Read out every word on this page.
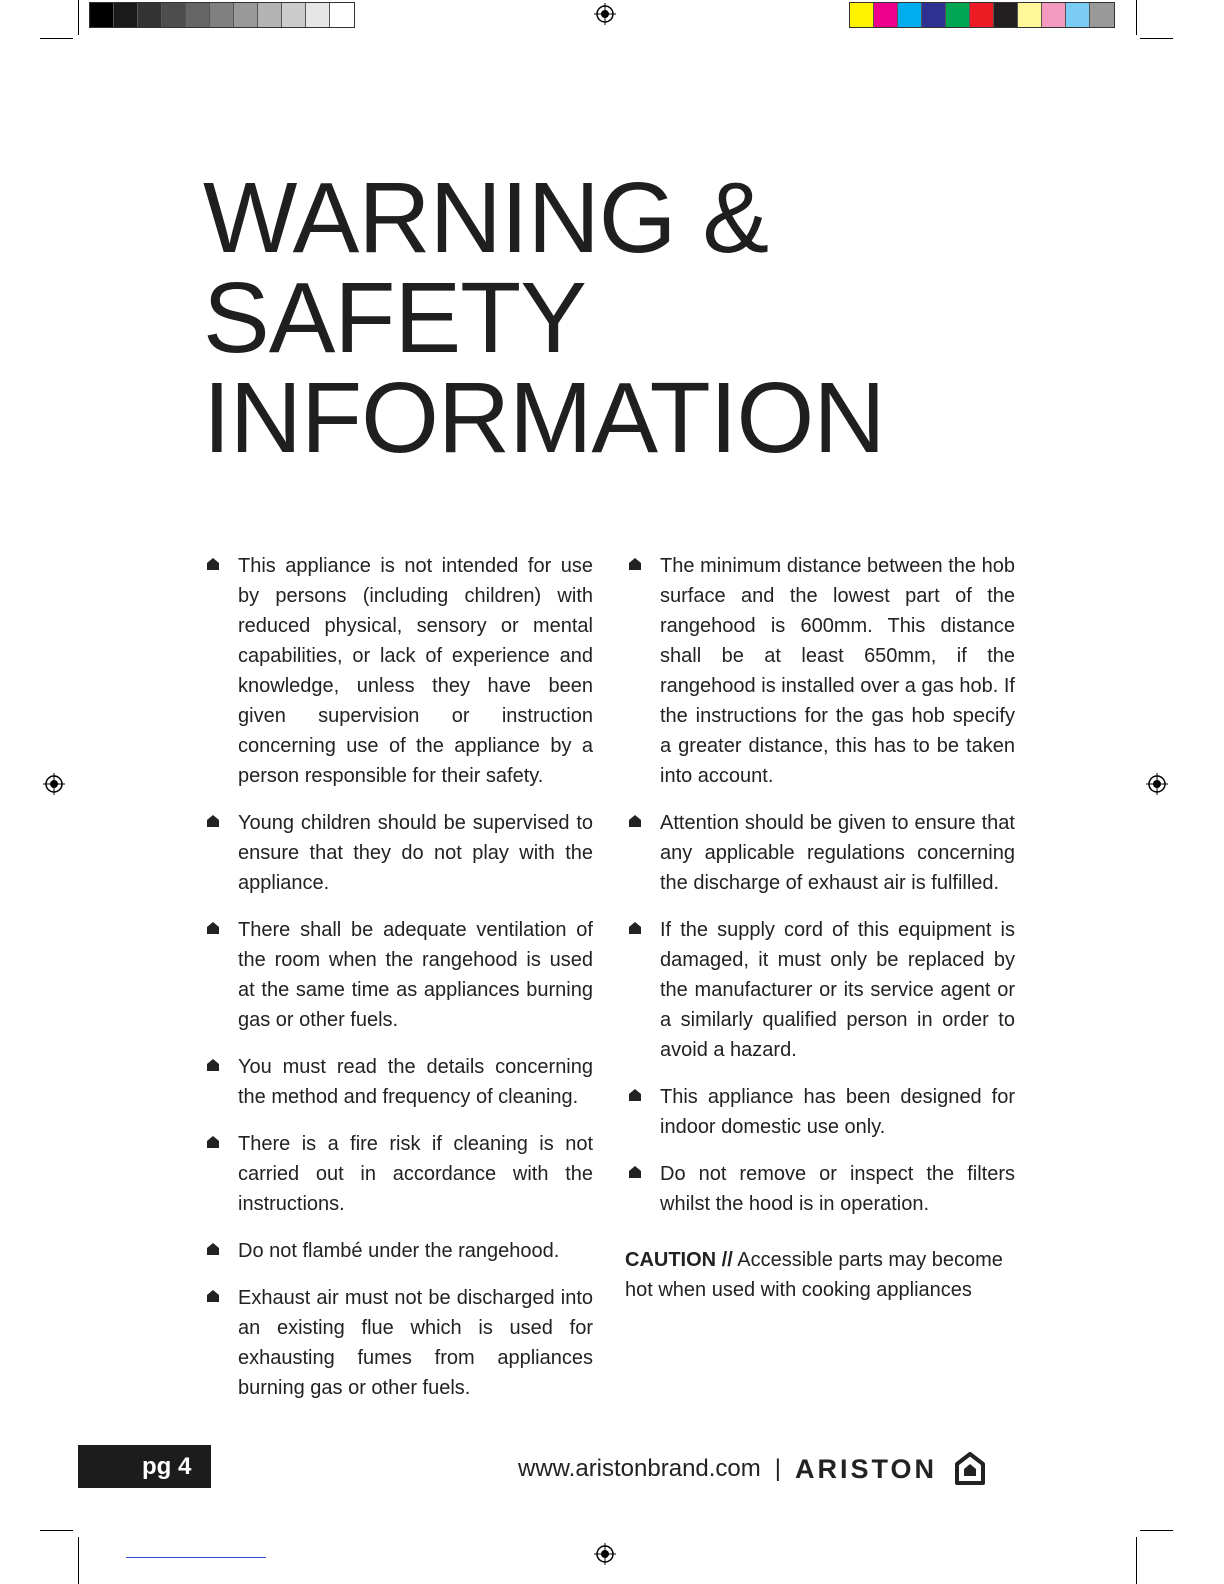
WARNING &
SAFETY
INFORMATION

This appliance is not intended for use by persons (including children) with reduced physical, sensory or mental capabilities, or lack of experience and knowledge, unless they have been given supervision or instruction concerning use of the appliance by a person responsible for their safety.

Young children should be supervised to ensure that they do not play with the appliance.

There shall be adequate ventilation of the room when the rangehood is used at the same time as appliances burning gas or other fuels.

You must read the details concerning the method and frequency of cleaning.

There is a fire risk if cleaning is not carried out in accordance with the instructions.

Do not flambé under the rangehood.

Exhaust air must not be discharged into an existing flue which is used for exhausting fumes from appliances burning gas or other fuels.

The minimum distance between the hob surface and the lowest part of the rangehood is 600mm. This distance shall be at least 650mm, if the rangehood is installed over a gas hob. If the instructions for the gas hob specify a greater distance, this has to be taken into account.

Attention should be given to ensure that any applicable regulations concerning the discharge of exhaust air is fulfilled.

If the supply cord of this equipment is damaged, it must only be replaced by the manufacturer or its service agent or a similarly qualified person in order to avoid a hazard.

This appliance has been designed for indoor domestic use only.

Do not remove or inspect the filters whilst the hood is in operation.

CAUTION // Accessible parts may become hot when used with cooking appliances
pg 4	www.aristonbrand.com | ARISTON
